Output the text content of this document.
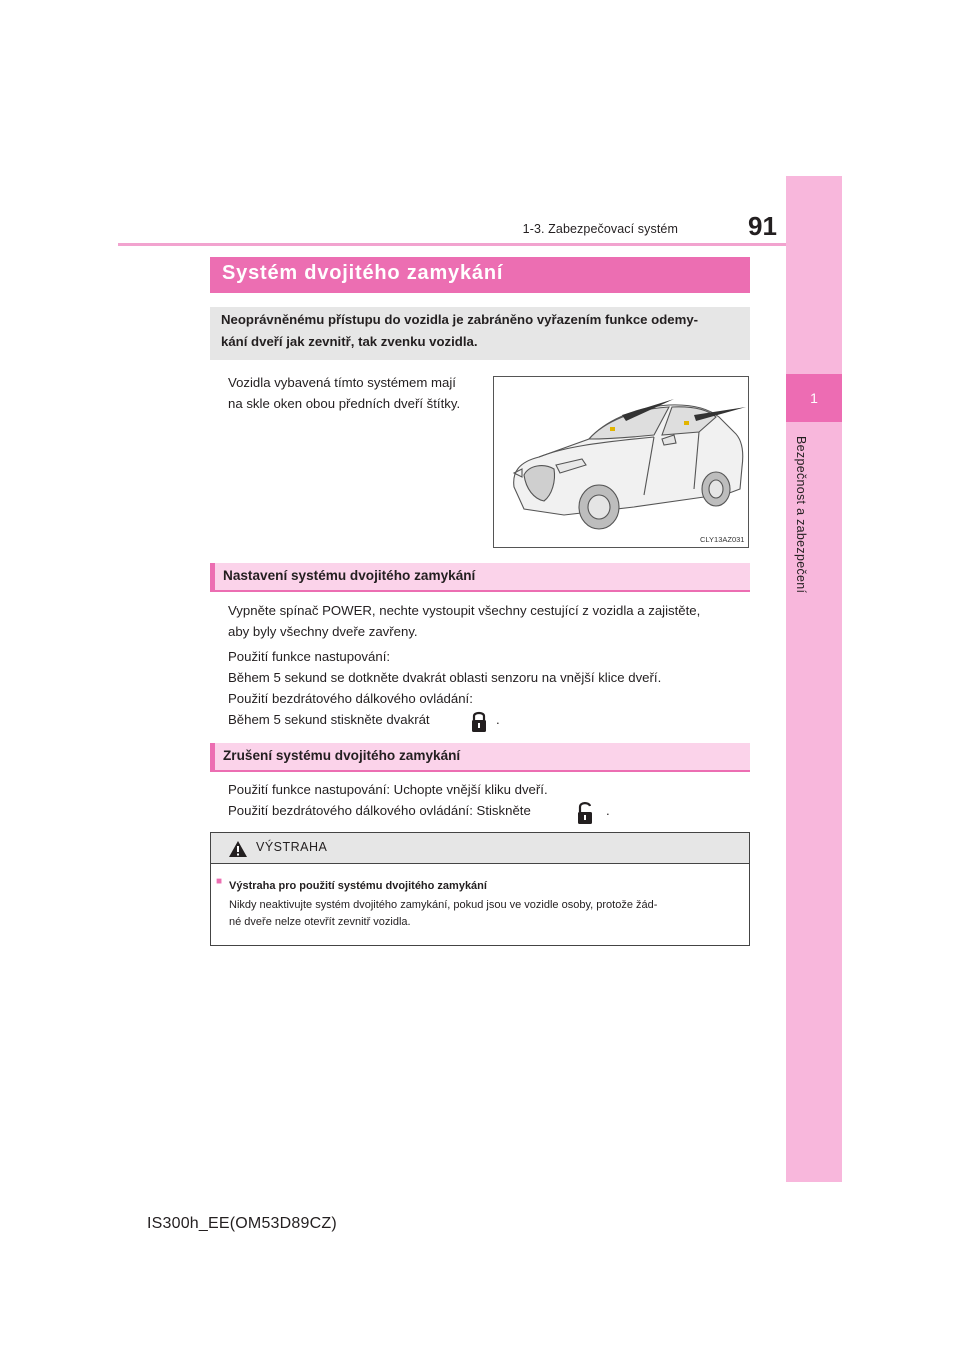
1
Bezpečnost a zabezpečení
1-3. Zabezpečovací systém	91
Systém dvojitého zamykání
Neoprávněnému přístupu do vozidla je zabráněno vyřazením funkce odemy-
kání dveří jak zevnitř, tak zvenku vozidla.
Vozidla vybavená tímto systémem mají
na skle oken obou předních dveří štítky.
CLY13AZ031
Nastavení systému dvojitého zamykání
Vypněte spínač POWER, nechte vystoupit všechny cestující z vozidla a zajistěte,
aby byly všechny dveře zavřeny.
Použití funkce nastupování:
Během 5 sekund se dotkněte dvakrát oblasti senzoru na vnější klice dveří.
Použití bezdrátového dálkového ovládání:
Během 5 sekund stiskněte dvakrát	.
Zrušení systému dvojitého zamykání
Použití funkce nastupování: Uchopte vnější kliku dveří.
Použití bezdrátového dálkového ovládání: Stiskněte	.
VÝSTRAHA
■ Výstraha pro použití systému dvojitého zamykání
Nikdy neaktivujte systém dvojitého zamykání, pokud jsou ve vozidle osoby, protože žád-
né dveře nelze otevřít zevnitř vozidla.
IS300h_EE(OM53D89CZ)
